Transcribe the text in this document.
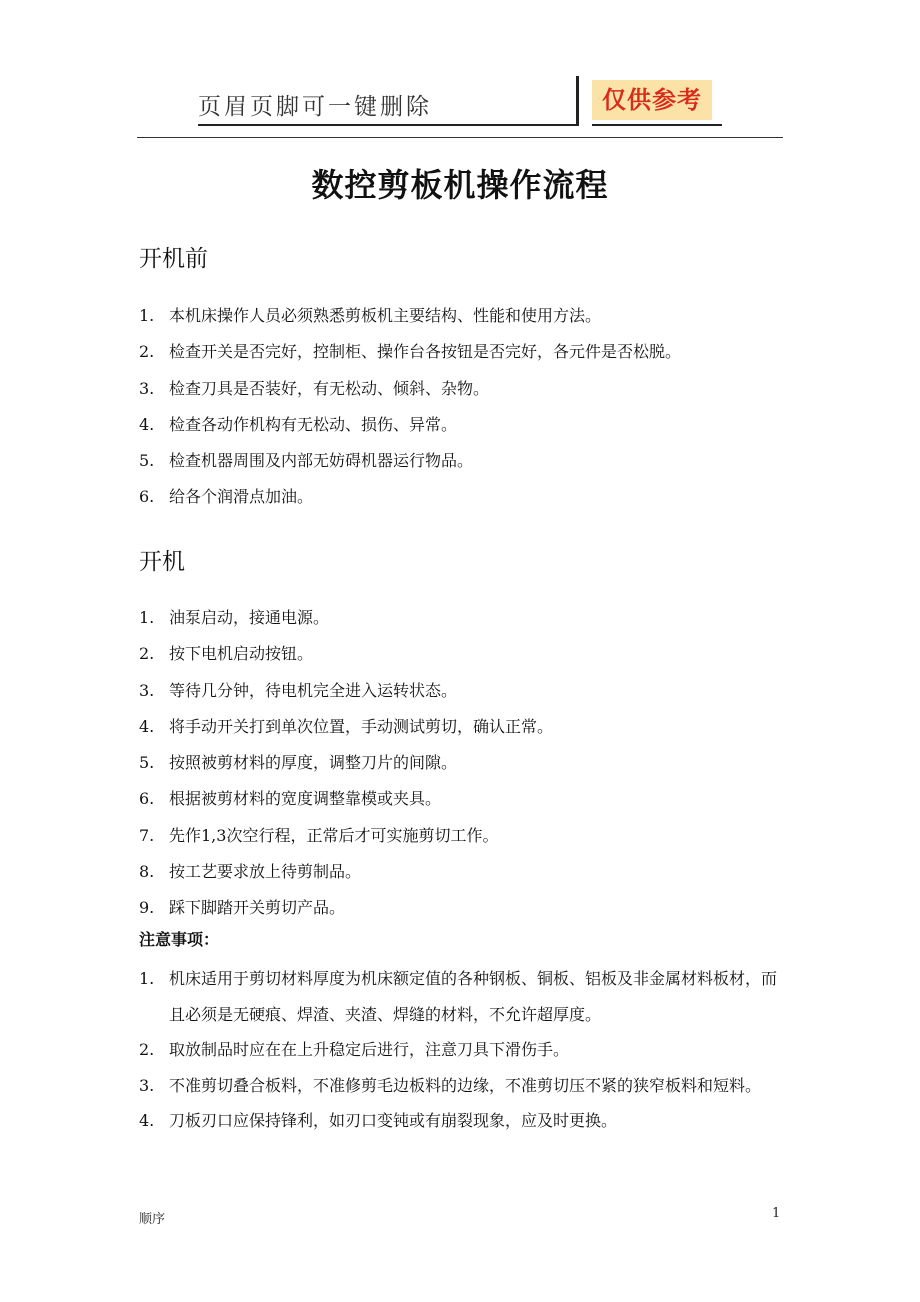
页眉页脚可一键删除	仅供参考
数控剪板机操作流程
开机前
1. 本机床操作人员必须熟悉剪板机主要结构、性能和使用方法。
2. 检查开关是否完好，控制柜、操作台各按钮是否完好，各元件是否松脱。
3. 检查刀具是否装好，有无松动、倾斜、杂物。
4. 检查各动作机构有无松动、损伤、异常。
5. 检查机器周围及内部无妨碍机器运行物品。
6. 给各个润滑点加油。
开机
1. 油泵启动，接通电源。
2. 按下电机启动按钮。
3. 等待几分钟，待电机完全进入运转状态。
4. 将手动开关打到单次位置，手动测试剪切，确认正常。
5. 按照被剪材料的厚度，调整刀片的间隙。
6. 根据被剪材料的宽度调整靠模或夹具。
7. 先作1,3次空行程，正常后才可实施剪切工作。
8. 按工艺要求放上待剪制品。
9. 踩下脚踏开关剪切产品。
注意事项：
1. 机床适用于剪切材料厚度为机床额定值的各种钢板、铜板、铝板及非金属材料板材，而且必须是无硬痕、焊渣、夹渣、焊缝的材料，不允许超厚度。
2. 取放制品时应在在上升稳定后进行，注意刀具下滑伤手。
3. 不准剪切叠合板料，不准修剪毛边板料的边缘，不准剪切压不紧的狭窄板料和短料。
4. 刀板刃口应保持锋利，如刃口变钝或有崩裂现象，应及时更换。
顺序	1
